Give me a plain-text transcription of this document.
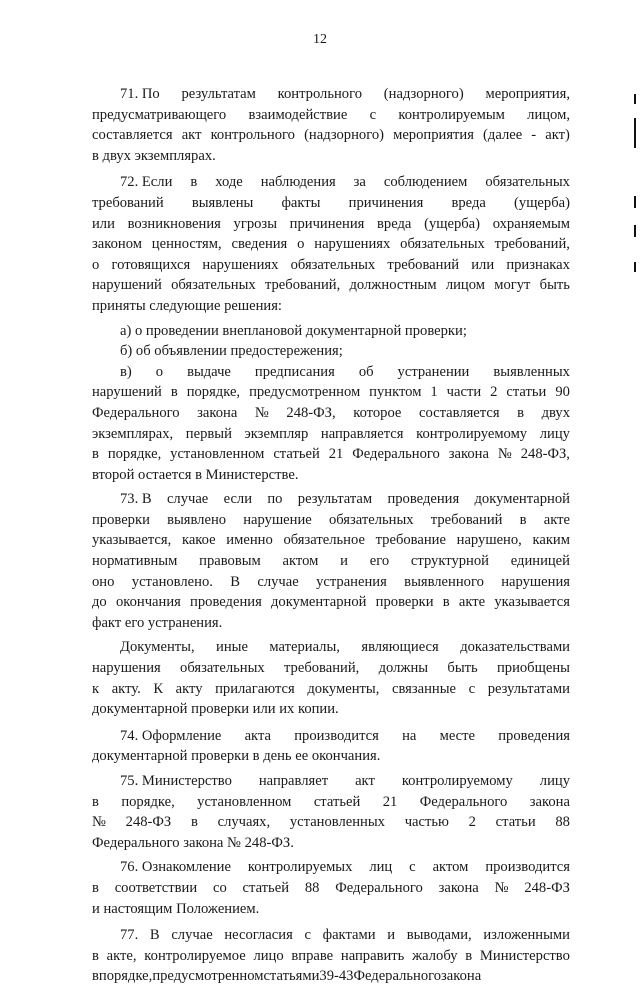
12
71. По результатам контрольного (надзорного) мероприятия,
предусматривающего взаимодействие с контролируемым лицом,
составляется акт контрольного (надзорного) мероприятия (далее - акт)
в двух экземплярах.
72. Если в ходе наблюдения за соблюдением обязательных
требований выявлены факты причинения вреда (ущерба)
или возникновения угрозы причинения вреда (ущерба) охраняемым
законом ценностям, сведения о нарушениях обязательных требований,
о готовящихся нарушениях обязательных требований или признаках
нарушений обязательных требований, должностным лицом могут быть
приняты следующие решения:
а) о проведении внеплановой документарной проверки;
б) об объявлении предостережения;
в) о выдаче предписания об устранении выявленных
нарушений в порядке, предусмотренном пунктом 1 части 2 статьи 90
Федерального закона № 248-ФЗ, которое составляется в двух
экземплярах, первый экземпляр направляется контролируемому лицу
в порядке, установленном статьей 21 Федерального закона № 248-ФЗ,
второй остается в Министерстве.
73. В случае если по результатам проведения документарной
проверки выявлено нарушение обязательных требований в акте
указывается, какое именно обязательное требование нарушено, каким
нормативным правовым актом и его структурной единицей
оно установлено. В случае устранения выявленного нарушения
до окончания проведения документарной проверки в акте указывается
факт его устранения.
Документы, иные материалы, являющиеся доказательствами
нарушения обязательных требований, должны быть приобщены
к акту. К акту прилагаются документы, связанные с результатами
документарной проверки или их копии.
74. Оформление акта производится на месте проведения
документарной проверки в день ее окончания.
75. Министерство направляет акт контролируемому лицу
в порядке, установленном статьей 21 Федерального закона
№ 248-ФЗ в случаях, установленных частью 2 статьи 88
Федерального закона № 248-ФЗ.
76. Ознакомление контролируемых лиц с актом производится
в соответствии со статьей 88 Федерального закона № 248-ФЗ
и настоящим Положением.
77. В случае несогласия с фактами и выводами, изложенными
в акте, контролируемое лицо вправе направить жалобу в Министерство
в порядке, предусмотренном статьями 39 - 43 Федерального закона
